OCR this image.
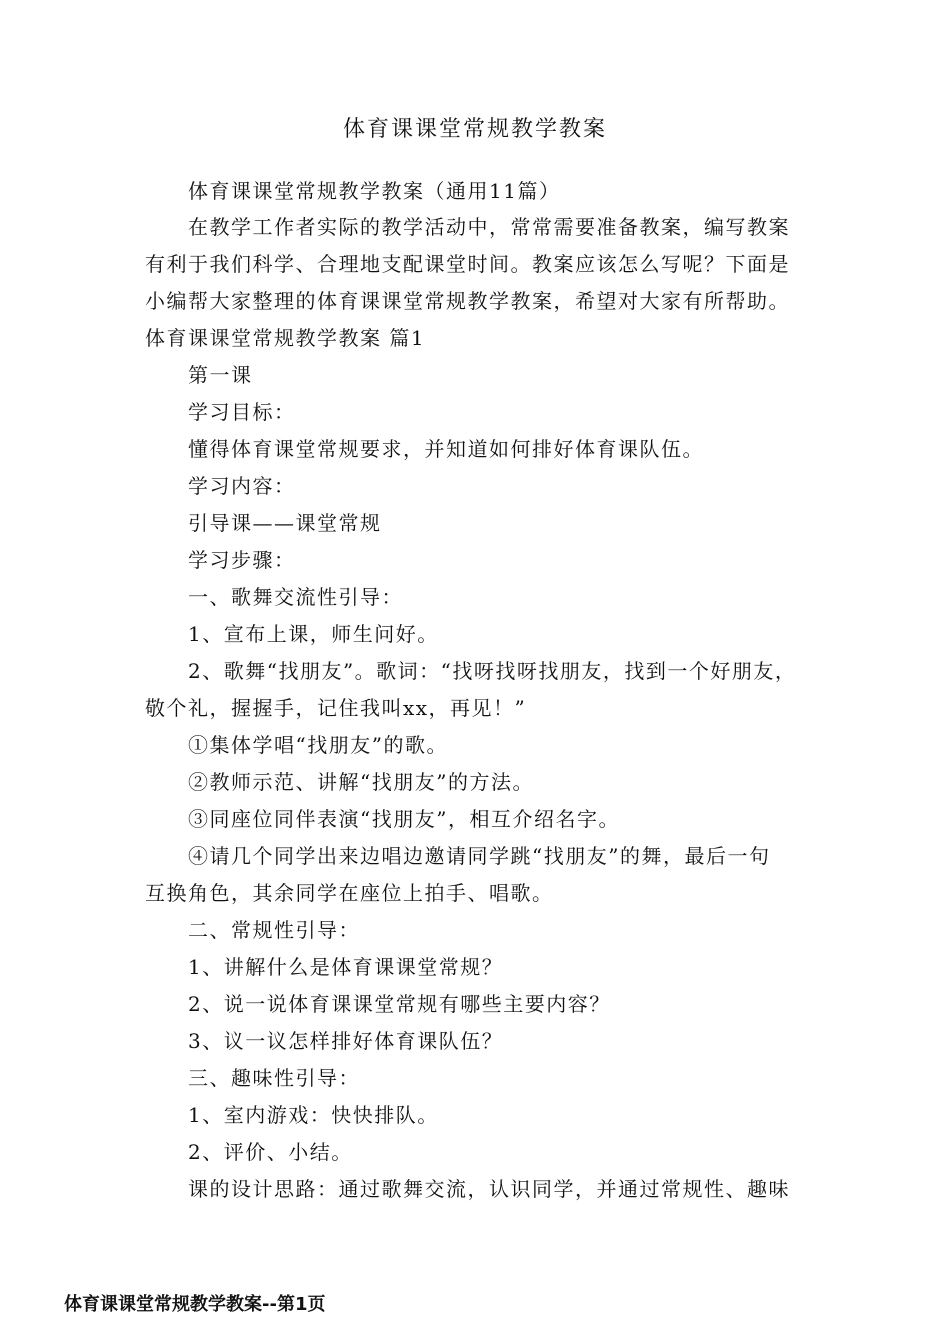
体育课课堂常规教学教案
体育课课堂常规教学教案（通用11篇）
在教学工作者实际的教学活动中，常常需要准备教案，编写教案
有利于我们科学、合理地支配课堂时间。教案应该怎么写呢？下面是
小编帮大家整理的体育课课堂常规教学教案，希望对大家有所帮助。
体育课课堂常规教学教案 篇1
第一课
学习目标：
懂得体育课堂常规要求，并知道如何排好体育课队伍。
学习内容：
引导课——课堂常规
学习步骤：
一、歌舞交流性引导：
1、宣布上课，师生问好。
2、歌舞“找朋友”。歌词：“找呀找呀找朋友，找到一个好朋友，
敬个礼，握握手，记住我叫xx，再见！”
①集体学唱“找朋友”的歌。
②教师示范、讲解“找朋友”的方法。
③同座位同伴表演“找朋友”，相互介绍名字。
④请几个同学出来边唱边邀请同学跳“找朋友”的舞，最后一句
互换角色，其余同学在座位上拍手、唱歌。
二、常规性引导：
1、讲解什么是体育课课堂常规？
2、说一说体育课课堂常规有哪些主要内容？
3、议一议怎样排好体育课队伍？
三、趣味性引导：
1、室内游戏：快快排队。
2、评价、小结。
课的设计思路：通过歌舞交流，认识同学，并通过常规性、趣味
体育课课堂常规教学教案--第1页
